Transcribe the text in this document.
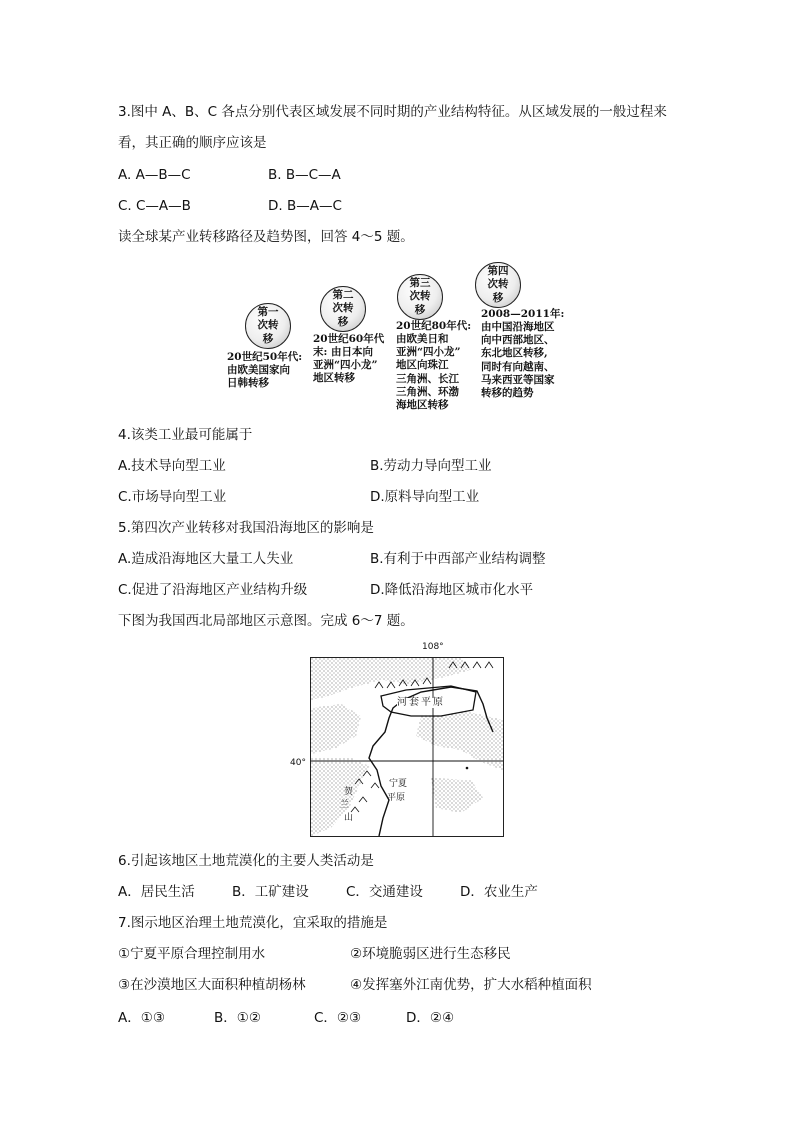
3.图中 A、B、C 各点分别代表区域发展不同时期的产业结构特征。从区域发展的一般过程来
看，其正确的顺序应该是
A. A—B—C	B. B—C—A
C. C—A—B	D. B—A—C
读全球某产业转移路径及趋势图，回答 4～5 题。
第一次转移
20世纪50年代:
由欧美国家向
日韩转移
第二次转移
20世纪60年代
末: 由日本向
亚洲“四小龙”
地区转移
第三次转移
20世纪80年代:
由欧美日和
亚洲“四小龙”
地区向珠江
三角洲、长江
三角洲、环渤
海地区转移
第四次转移
2008—2011年:
由中国沿海地区
向中西部地区、
东北地区转移,
同时有向越南、
马来西亚等国家
转移的趋势
4.该类工业最可能属于
A.技术导向型工业	B.劳动力导向型工业
C.市场导向型工业	D.原料导向型工业
5.第四次产业转移对我国沿海地区的影响是
A.造成沿海地区大量工人失业	B.有利于中西部产业结构调整
C.促进了沿海地区产业结构升级	D.降低沿海地区城市化水平
下图为我国西北局部地区示意图。完成 6～7 题。
108°
40°
河套平原
宁夏
平原
贺
兰
山
6.引起该地区土地荒漠化的主要人类活动是
A．居民生活	B．工矿建设	C．交通建设	D．农业生产
7.图示地区治理土地荒漠化，宜采取的措施是
①宁夏平原合理控制用水	②环境脆弱区进行生态移民
③在沙漠地区大面积种植胡杨林	④发挥塞外江南优势，扩大水稻种植面积
A．①③	B．①②	C．②③	D．②④
